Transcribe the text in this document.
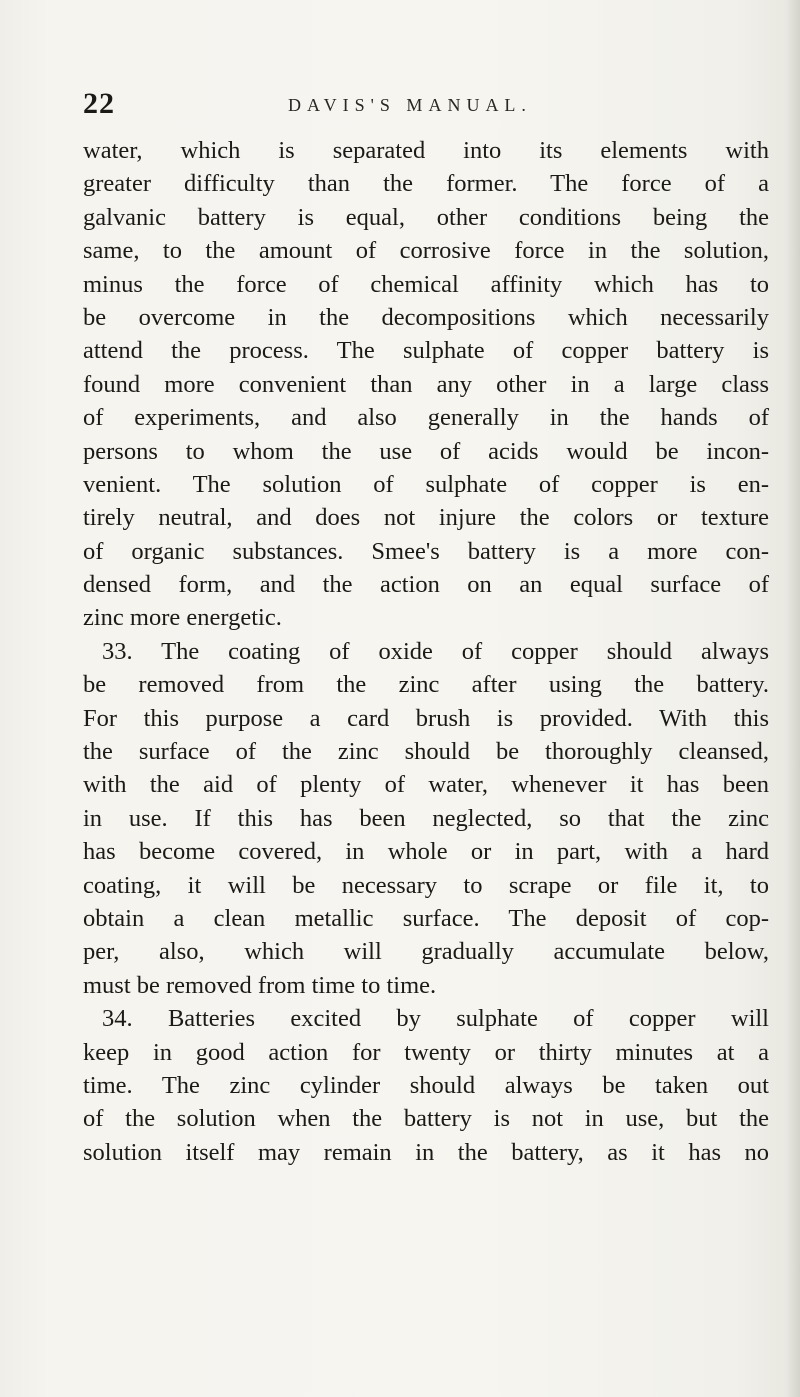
22	DAVIS'S MANUAL.
water, which is separated into its elements with
greater difficulty than the former. The force of a
galvanic battery is equal, other conditions being the
same, to the amount of corrosive force in the solution,
minus the force of chemical affinity which has to
be overcome in the decompositions which necessarily
attend the process. The sulphate of copper battery is
found more convenient than any other in a large class
of experiments, and also generally in the hands of
persons to whom the use of acids would be incon-
venient. The solution of sulphate of copper is en-
tirely neutral, and does not injure the colors or texture
of organic substances. Smee's battery is a more con-
densed form, and the action on an equal surface of
zinc more energetic.
33. The coating of oxide of copper should always
be removed from the zinc after using the battery.
For this purpose a card brush is provided. With this
the surface of the zinc should be thoroughly cleansed,
with the aid of plenty of water, whenever it has been
in use. If this has been neglected, so that the zinc
has become covered, in whole or in part, with a hard
coating, it will be necessary to scrape or file it, to
obtain a clean metallic surface. The deposit of cop-
per, also, which will gradually accumulate below,
must be removed from time to time.
34. Batteries excited by sulphate of copper will
keep in good action for twenty or thirty minutes at a
time. The zinc cylinder should always be taken out
of the solution when the battery is not in use, but the
solution itself may remain in the battery, as it has no
